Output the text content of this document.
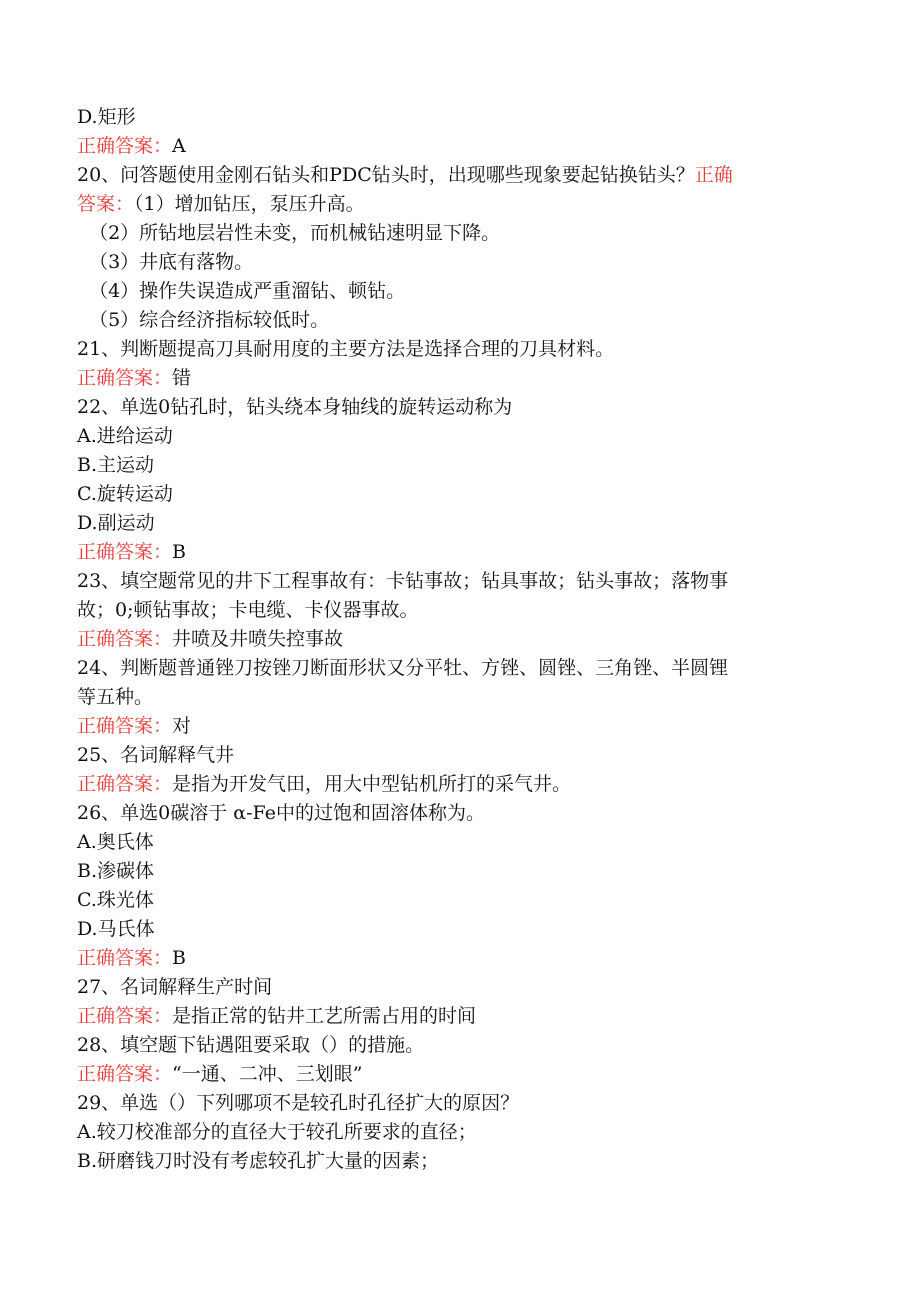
D.矩形
正确答案：A
20、问答题使用金刚石钻头和PDC钻头时，出现哪些现象要起钻换钻头？正确
答案：（1）增加钻压，泵压升高。
（2）所钻地层岩性未变，而机械钻速明显下降。
（3）井底有落物。
（4）操作失误造成严重溜钻、顿钻。
（5）综合经济指标较低时。
21、判断题提高刀具耐用度的主要方法是选择合理的刀具材料。
正确答案：错
22、单选0钻孔时，钻头绕本身轴线的旋转运动称为
A.进给运动
B.主运动
C.旋转运动
D.副运动
正确答案：B
23、填空题常见的井下工程事故有：卡钻事故；钻具事故；钻头事故；落物事
故；0;顿钻事故；卡电缆、卡仪器事故。
正确答案：井喷及井喷失控事故
24、判断题普通锉刀按锉刀断面形状又分平牡、方锉、圆锉、三角锉、半圆锂
等五种。
正确答案：对
25、名词解释气井
正确答案：是指为开发气田，用大中型钻机所打的采气井。
26、单选0碳溶于 α-Fe中的过饱和固溶体称为。
A.奥氏体
B.渗碳体
C.珠光体
D.马氏体
正确答案：B
27、名词解释生产时间
正确答案：是指正常的钻井工艺所需占用的时间
28、填空题下钻遇阻要采取（）的措施。
正确答案：“一通、二冲、三划眼”
29、单选（）下列哪项不是较孔时孔径扩大的原因？
A.较刀校准部分的直径大于较孔所要求的直径；
B.研磨钱刀时没有考虑较孔扩大量的因素；
